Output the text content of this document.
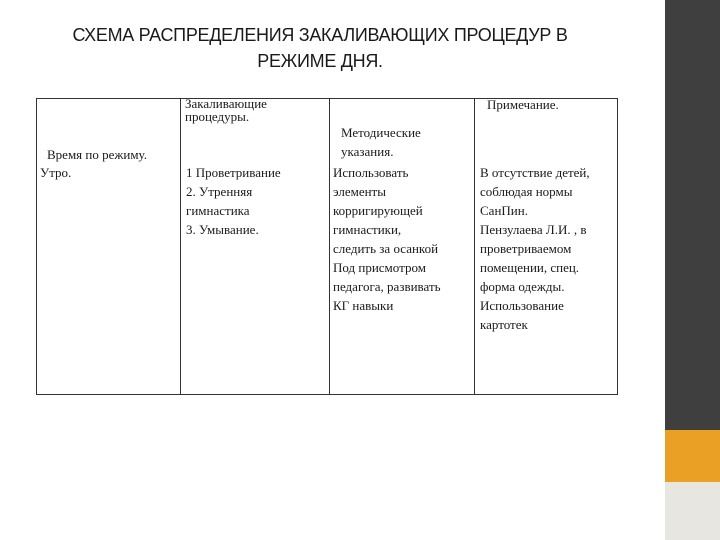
СХЕМА РАСПРЕДЕЛЕНИЯ ЗАКАЛИВАЮЩИХ ПРОЦЕДУР В
РЕЖИМЕ ДНЯ.
Закаливающие
процедуры.
Примечание.
Методические
указания.
Время по режиму.
Утро.	1 Проветривание
2. Утренняя
гимнастика
3. Умывание.
Использовать
элементы
корригирующей
гимнастики,
следить за осанкой
Под присмотром
педагога, развивать
КГ навыки
В отсутствие детей,
соблюдая нормы
СанПин.
Пензулаева Л.И. , в
проветриваемом
помещении, спец.
форма одежды.
Использование
картотек
